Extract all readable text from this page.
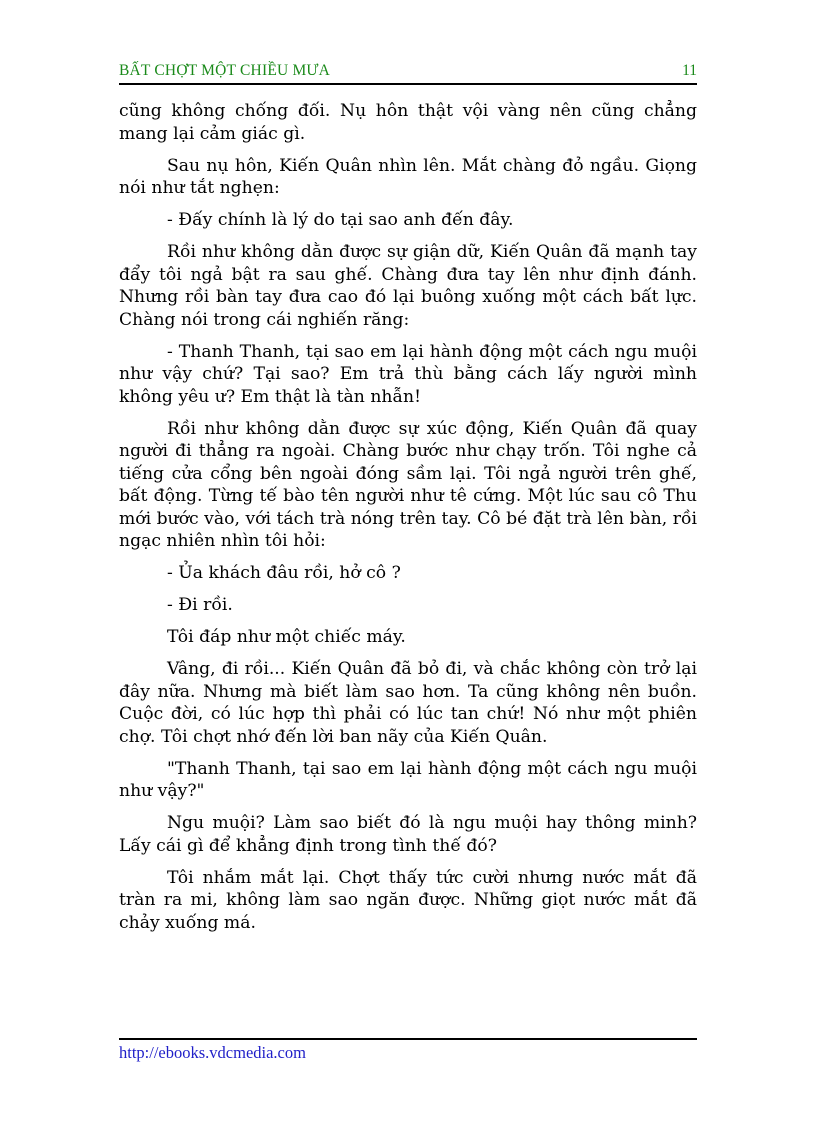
BẤT CHỢT MỘT CHIỀU MƯA	11

cũng không chống đối. Nụ hôn thật vội vàng nên cũng chẳng mang lại cảm giác gì.

Sau nụ hôn, Kiến Quân nhìn lên. Mắt chàng đỏ ngầu. Giọng nói như tắt nghẹn:

- Đấy chính là lý do tại sao anh đến đây.

Rồi như không dằn được sự giận dữ, Kiến Quân đã mạnh tay đẩy tôi ngả bật ra sau ghế. Chàng đưa tay lên như định đánh. Nhưng rồi bàn tay đưa cao đó lại buông xuống một cách bất lực. Chàng nói trong cái nghiến răng:

- Thanh Thanh, tại sao em lại hành động một cách ngu muội như vậy chứ? Tại sao? Em trả thù bằng cách lấy người mình không yêu ư? Em thật là tàn nhẫn!

Rồi như không dằn được sự xúc động, Kiến Quân đã quay người đi thẳng ra ngoài. Chàng bước như chạy trốn. Tôi nghe cả tiếng cửa cổng bên ngoài đóng sầm lại. Tôi ngả người trên ghế, bất động. Từng tế bào tên người như tê cứng. Một lúc sau cô Thu mới bước vào, với tách trà nóng trên tay. Cô bé đặt trà lên bàn, rồi ngạc nhiên nhìn tôi hỏi:

- Ủa khách đâu rồi, hở cô ?

- Đi rồi.

Tôi đáp như một chiếc máy.

Vâng, đi rồi... Kiến Quân đã bỏ đi, và chắc không còn trở lại đây nữa. Nhưng mà biết làm sao hơn. Ta cũng không nên buồn. Cuộc đời, có lúc hợp thì phải có lúc tan chứ! Nó như một phiên chợ. Tôi chợt nhớ đến lời ban nãy của Kiến Quân.

"Thanh Thanh, tại sao em lại hành động một cách ngu muội như vậy?"

Ngu muội? Làm sao biết đó là ngu muội hay thông minh? Lấy cái gì để khẳng định trong tình thế đó?

Tôi nhắm mắt lại. Chợt thấy tức cười nhưng nước mắt đã tràn ra mi, không làm sao ngăn được. Những giọt nước mắt đã chảy xuống má.

http://ebooks.vdcmedia.com
